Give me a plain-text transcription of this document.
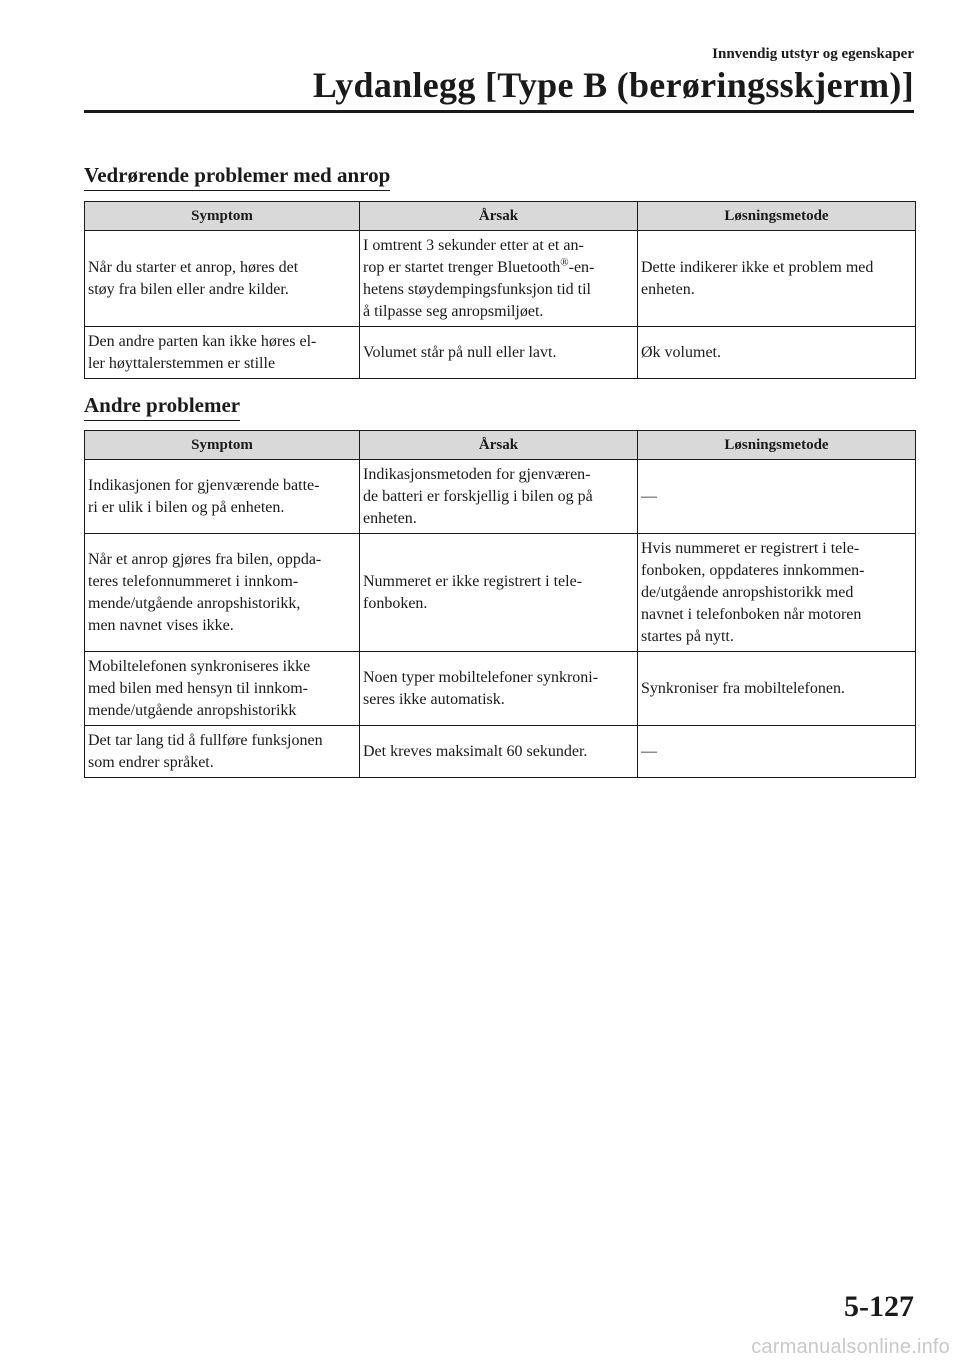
Innvendig utstyr og egenskaper
Lydanlegg [Type B (berøringsskjerm)]
Vedrørende problemer med anrop
Symptom	Årsak	Løsningsmetode

Når du starter et anrop, høres det
støy fra bilen eller andre kilder.	I omtrent 3 sekunder etter at et an-
rop er startet trenger Bluetooth®-en-
hetens støydempingsfunksjon tid til
å tilpasse seg anropsmiljøet.	Dette indikerer ikke et problem med
enheten.

Den andre parten kan ikke høres el-
ler høyttalerstemmen er stille	Volumet står på null eller lavt.	Øk volumet.
Andre problemer
Symptom	Årsak	Løsningsmetode

Indikasjonen for gjenværende batte-
ri er ulik i bilen og på enheten.	Indikasjonsmetoden for gjenværen-
de batteri er forskjellig i bilen og på
enheten.	—

Når et anrop gjøres fra bilen, oppda-
teres telefonnummeret i innkom-
mende/utgående anropshistorikk,
men navnet vises ikke.	Nummeret er ikke registrert i tele-
fonboken.	Hvis nummeret er registrert i tele-
fonboken, oppdateres innkommen-
de/utgående anropshistorikk med
navnet i telefonboken når motoren
startes på nytt.

Mobiltelefonen synkroniseres ikke
med bilen med hensyn til innkom-
mende/utgående anropshistorikk	Noen typer mobiltelefoner synkroni-
seres ikke automatisk.	Synkroniser fra mobiltelefonen.

Det tar lang tid å fullføre funksjonen
som endrer språket.	Det kreves maksimalt 60 sekunder.	—
5-127
carmanualsonline.info
